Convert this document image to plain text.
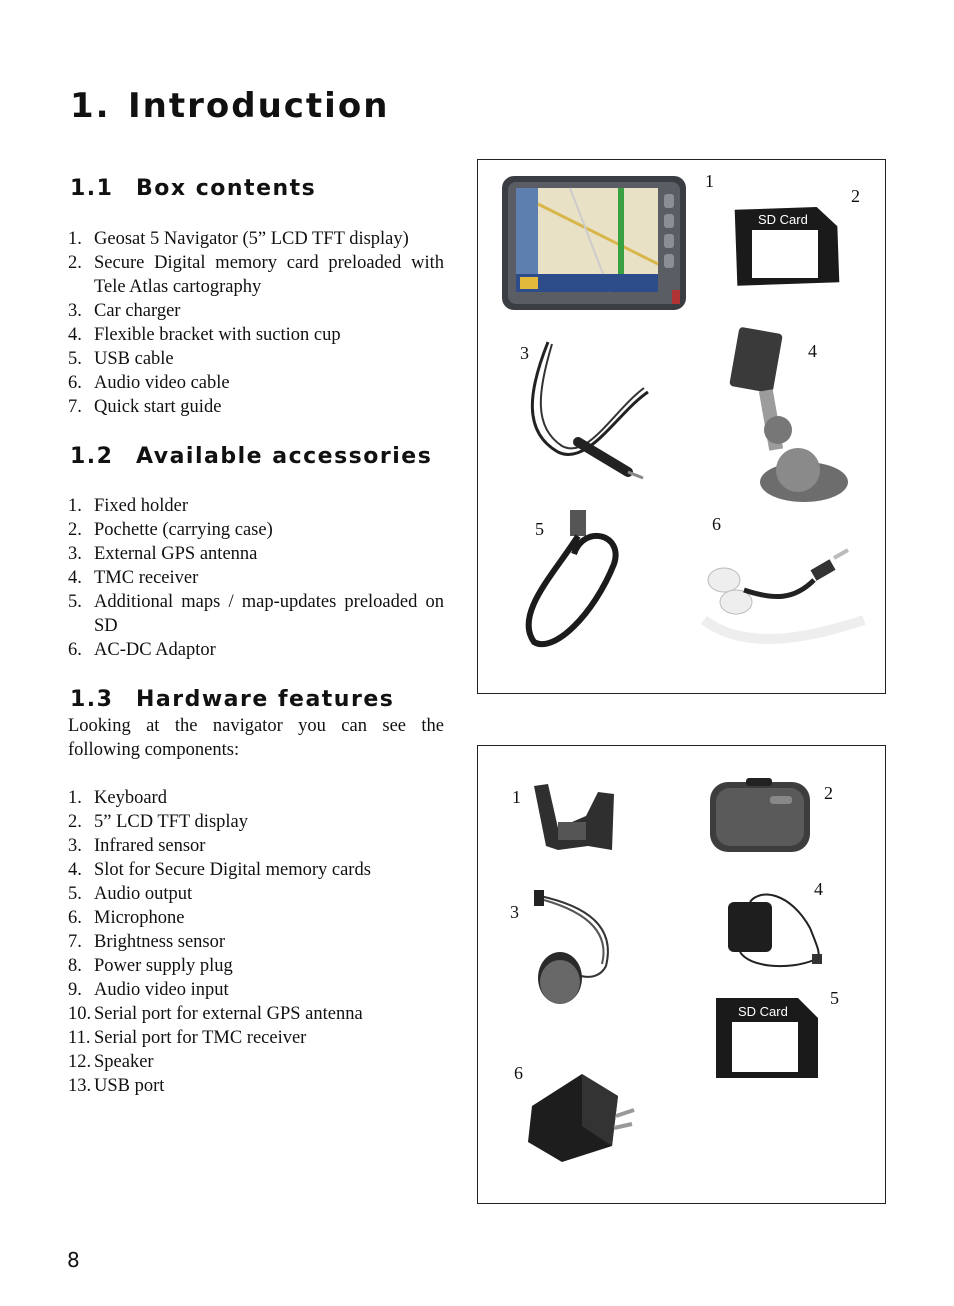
1. Introduction
1.1 Box contents
1. Geosat 5 Navigator (5” LCD TFT display)
2. Secure Digital memory card preloaded with Tele Atlas cartography
3. Car charger
4. Flexible bracket with suction cup
5. USB cable
6. Audio video cable
7. Quick start guide
1.2 Available accessories
1. Fixed holder
2. Pochette (carrying case)
3. External GPS antenna
4. TMC receiver
5. Additional maps / map-updates preloaded on SD
6. AC-DC Adaptor
1.3 Hardware features

Looking at the navigator you can see the following components:

1. Keyboard
2. 5” LCD TFT display
3. Infrared sensor
4. Slot for Secure Digital memory cards
5. Audio output
6. Microphone
7. Brightness sensor
8. Power supply plug
9. Audio video input
10. Serial port for external GPS antenna
11. Serial port for TMC receiver
12. Speaker
13. USB port
SD Card
1
2
3	4
5	6
SD Card
1	2
3
4
5
6
8
